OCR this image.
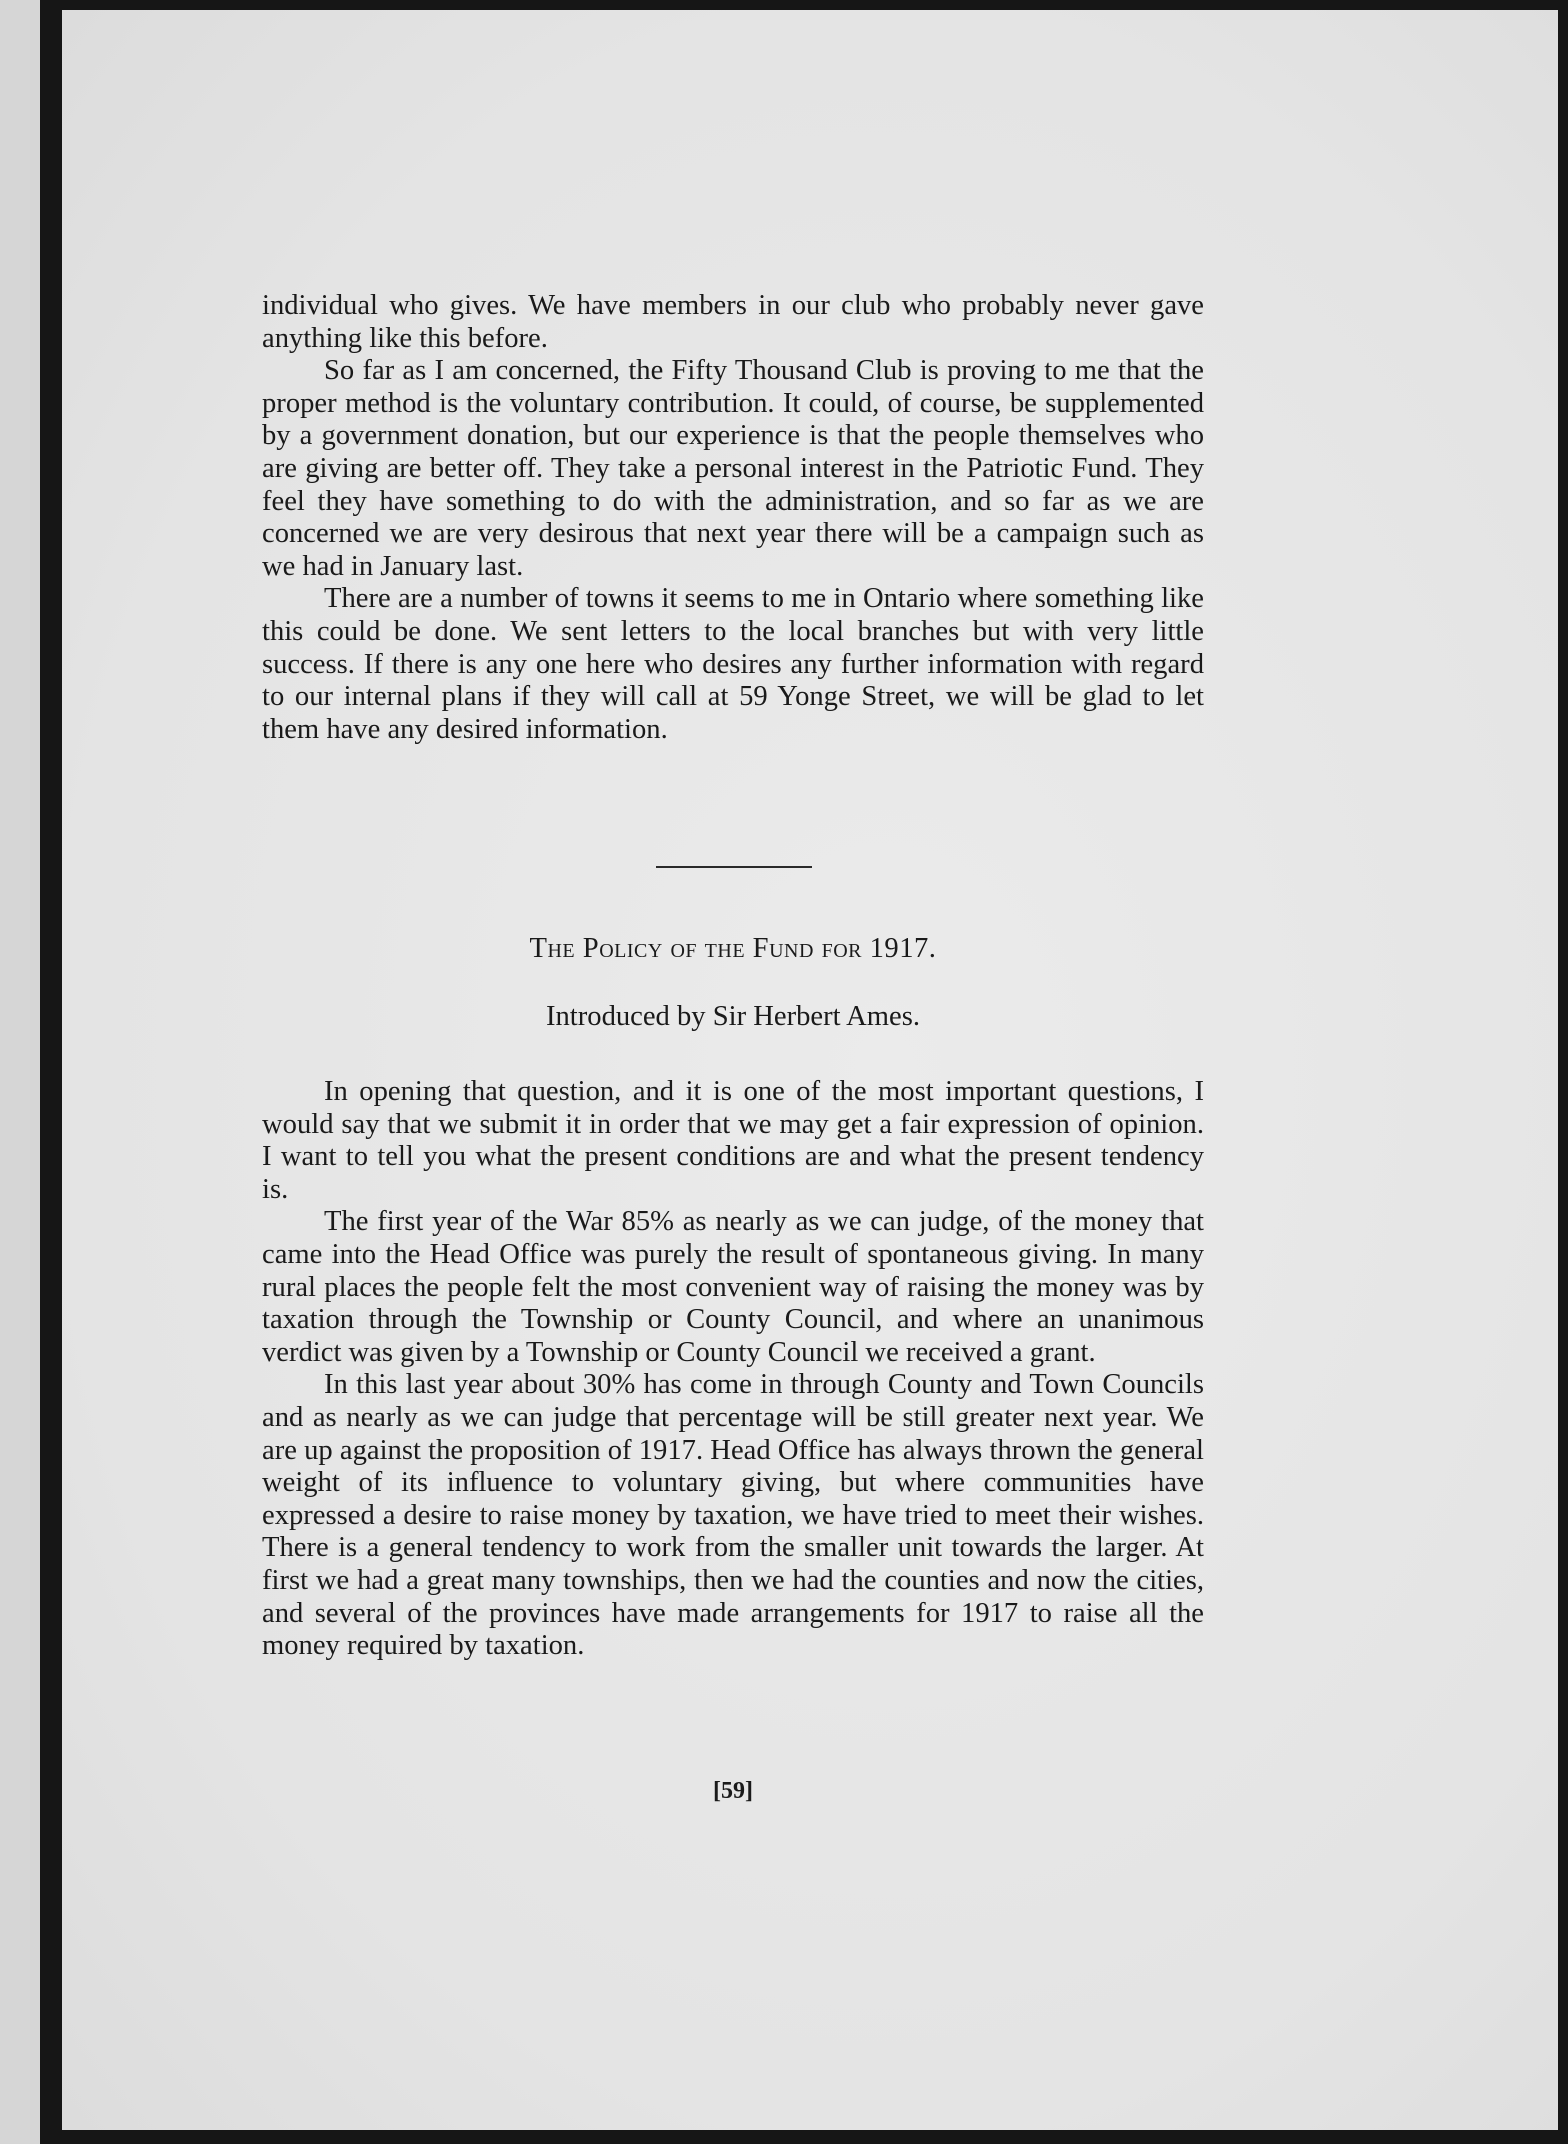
individual who gives. We have members in our club who probably never gave anything like this before.

So far as I am concerned, the Fifty Thousand Club is proving to me that the proper method is the voluntary contribution. It could, of course, be supplemented by a government donation, but our experience is that the people themselves who are giving are better off. They take a personal interest in the Patriotic Fund. They feel they have something to do with the administration, and so far as we are concerned we are very desirous that next year there will be a campaign such as we had in January last.

There are a number of towns it seems to me in Ontario where something like this could be done. We sent letters to the local branches but with very little success. If there is any one here who desires any further information with regard to our internal plans if they will call at 59 Yonge Street, we will be glad to let them have any desired information.

The Policy of the Fund for 1917.
Introduced by Sir Herbert Ames.

In opening that question, and it is one of the most important questions, I would say that we submit it in order that we may get a fair expression of opinion. I want to tell you what the present conditions are and what the present tendency is.

The first year of the War 85% as nearly as we can judge, of the money that came into the Head Office was purely the result of spontaneous giving. In many rural places the people felt the most convenient way of raising the money was by taxation through the Township or County Council, and where an unanimous verdict was given by a Township or County Council we received a grant.

In this last year about 30% has come in through County and Town Councils and as nearly as we can judge that percentage will be still greater next year. We are up against the proposition of 1917. Head Office has always thrown the general weight of its influence to voluntary giving, but where communities have expressed a desire to raise money by taxation, we have tried to meet their wishes. There is a general tendency to work from the smaller unit towards the larger. At first we had a great many townships, then we had the counties and now the cities, and several of the provinces have made arrangements for 1917 to raise all the money required by taxation.

[59]
